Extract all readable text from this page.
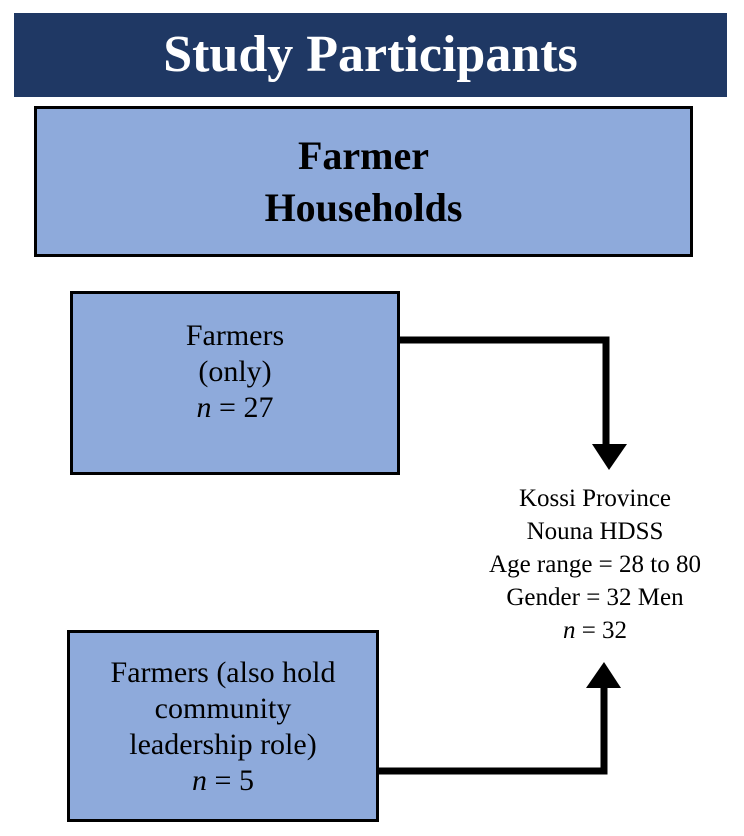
Study Participants
Farmer
Households
Farmers
(only)
n = 27
Farmers (also hold
community
leadership role)
n = 5
Kossi Province
Nouna HDSS
Age range = 28 to 80
Gender = 32 Men
n = 32
